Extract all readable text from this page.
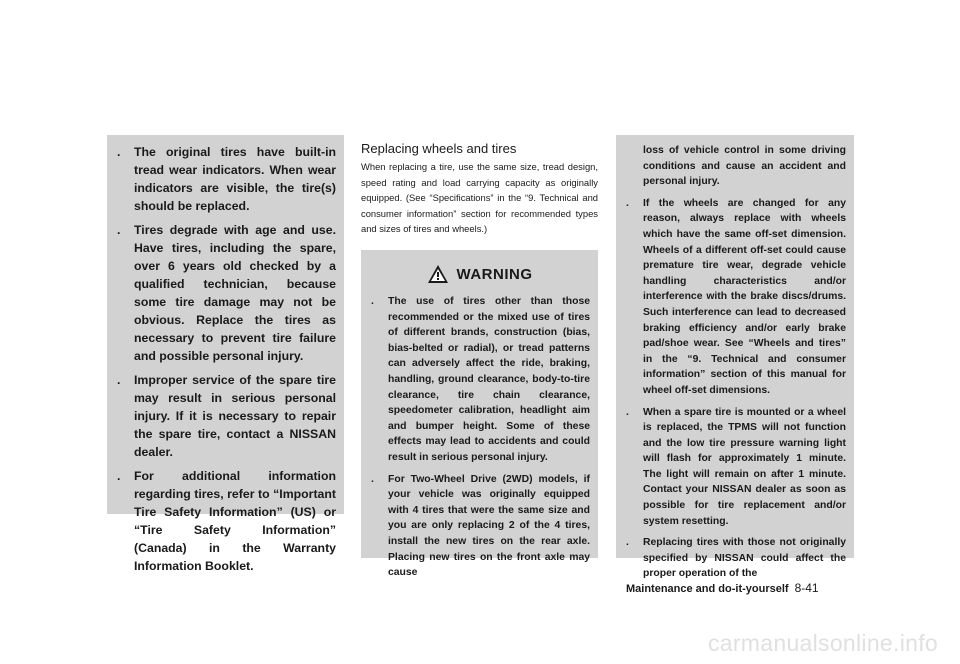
. The original tires have built-in tread wear indicators. When wear indicators are visible, the tire(s) should be replaced.
. Tires degrade with age and use. Have tires, including the spare, over 6 years old checked by a qualified technician, because some tire damage may not be obvious. Replace the tires as necessary to prevent tire failure and possible personal injury.
. Improper service of the spare tire may result in serious personal injury. If it is necessary to repair the spare tire, contact a NISSAN dealer.
. For additional information regarding tires, refer to “Important Tire Safety Information” (US) or “Tire Safety Information” (Canada) in the Warranty Information Booklet.
Replacing wheels and tires

When replacing a tire, use the same size, tread design, speed rating and load carrying capacity as originally equipped. (See “Specifications” in the “9. Technical and consumer information” section for recommended types and sizes of tires and wheels.)

WARNING
. The use of tires other than those recommended or the mixed use of tires of different brands, construction (bias, bias-belted or radial), or tread patterns can adversely affect the ride, braking, handling, ground clearance, body-to-tire clearance, tire chain clearance, speedometer calibration, headlight aim and bumper height. Some of these effects may lead to accidents and could result in serious personal injury.
. For Two-Wheel Drive (2WD) models, if your vehicle was originally equipped with 4 tires that were the same size and you are only replacing 2 of the 4 tires, install the new tires on the rear axle. Placing new tires on the front axle may cause
loss of vehicle control in some driving conditions and cause an accident and personal injury.
. If the wheels are changed for any reason, always replace with wheels which have the same off-set dimension. Wheels of a different off-set could cause premature tire wear, degrade vehicle handling characteristics and/or interference with the brake discs/drums. Such interference can lead to decreased braking efficiency and/or early brake pad/shoe wear. See “Wheels and tires” in the “9. Technical and consumer information” section of this manual for wheel off-set dimensions.
. When a spare tire is mounted or a wheel is replaced, the TPMS will not function and the low tire pressure warning light will flash for approximately 1 minute. The light will remain on after 1 minute. Contact your NISSAN dealer as soon as possible for tire replacement and/or system resetting.
. Replacing tires with those not originally specified by NISSAN could affect the proper operation of the
Maintenance and do-it-yourself 8-41
carmanualsonline.info
